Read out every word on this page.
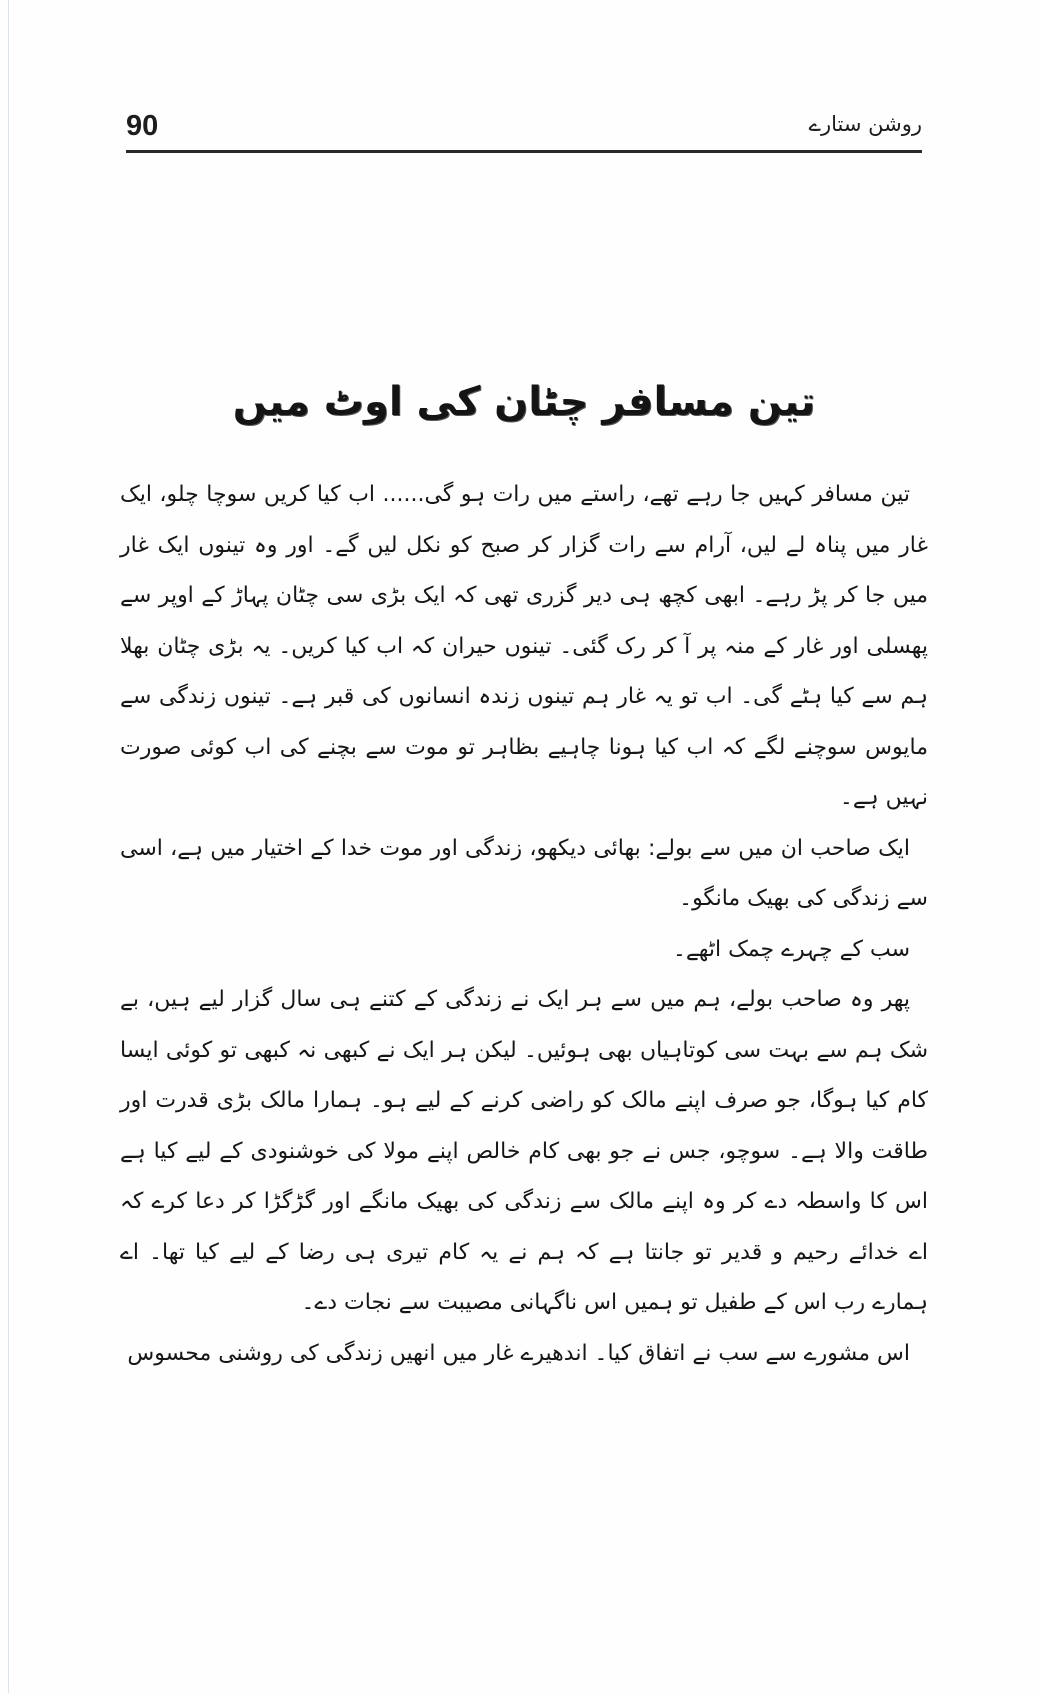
90	روشن ستارے
تین مسافر چٹان کی اوٹ میں

تین مسافر کہیں جا رہے تھے، راستے میں رات ہو گی...... اب کیا کریں سوچا چلو، ایک غار میں پناہ لے لیں، آرام سے رات گزار کر صبح کو نکل لیں گے۔ اور وہ تینوں ایک غار میں جا کر پڑ رہے۔ ابھی کچھ ہی دیر گزری تھی کہ ایک بڑی سی چٹان پہاڑ کے اوپر سے پھسلی اور غار کے منہ پر آ کر رک گئی۔ تینوں حیران کہ اب کیا کریں۔ یہ بڑی چٹان بھلا ہم سے کیا ہٹے گی۔ اب تو یہ غار ہم تینوں زندہ انسانوں کی قبر ہے۔ تینوں زندگی سے مایوس سوچنے لگے کہ اب کیا ہونا چاہیے بظاہر تو موت سے بچنے کی اب کوئی صورت نہیں ہے۔

ایک صاحب ان میں سے بولے: بھائی دیکھو، زندگی اور موت خدا کے اختیار میں ہے، اسی سے زندگی کی بھیک مانگو۔

سب کے چہرے چمک اٹھے۔

پھر وہ صاحب بولے، ہم میں سے ہر ایک نے زندگی کے کتنے ہی سال گزار لیے ہیں، بے شک ہم سے بہت سی کوتاہیاں بھی ہوئیں۔ لیکن ہر ایک نے کبھی نہ کبھی تو کوئی ایسا کام کیا ہوگا، جو صرف اپنے مالک کو راضی کرنے کے لیے ہو۔ ہمارا مالک بڑی قدرت اور طاقت والا ہے۔ سوچو، جس نے جو بھی کام خالص اپنے مولا کی خوشنودی کے لیے کیا ہے اس کا واسطہ دے کر وہ اپنے مالک سے زندگی کی بھیک مانگے اور گڑگڑا کر دعا کرے کہ اے خدائے رحیم و قدیر تو جانتا ہے کہ ہم نے یہ کام تیری ہی رضا کے لیے کیا تھا۔ اے ہمارے رب اس کے طفیل تو ہمیں اس ناگہانی مصیبت سے نجات دے۔

اس مشورے سے سب نے اتفاق کیا۔ اندھیرے غار میں انھیں زندگی کی روشنی محسوس
